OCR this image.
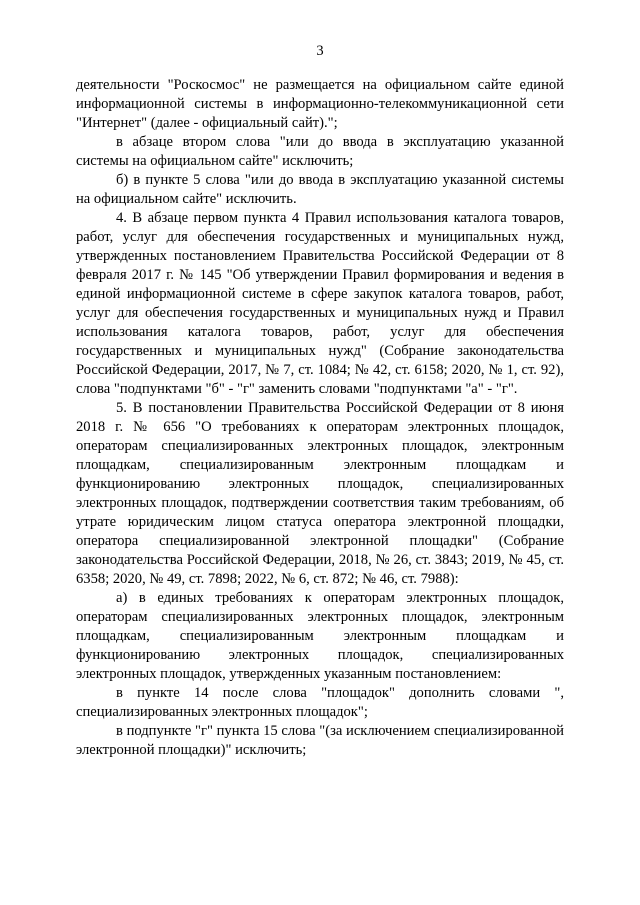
3

деятельности "Роскосмос" не размещается на официальном сайте единой информационной системы в информационно-телекоммуникационной сети "Интернет" (далее - официальный сайт).";

в абзаце втором слова "или до ввода в эксплуатацию указанной системы на официальном сайте" исключить;

б) в пункте 5 слова "или до ввода в эксплуатацию указанной системы на официальном сайте" исключить.

4. В абзаце первом пункта 4 Правил использования каталога товаров, работ, услуг для обеспечения государственных и муниципальных нужд, утвержденных постановлением Правительства Российской Федерации от 8 февраля 2017 г. № 145 "Об утверждении Правил формирования и ведения в единой информационной системе в сфере закупок каталога товаров, работ, услуг для обеспечения государственных и муниципальных нужд и Правил использования каталога товаров, работ, услуг для обеспечения государственных и муниципальных нужд" (Собрание законодательства Российской Федерации, 2017, № 7, ст. 1084; № 42, ст. 6158; 2020, № 1, ст. 92), слова "подпунктами "б" - "г" заменить словами "подпунктами "а" - "г".

5. В постановлении Правительства Российской Федерации от 8 июня 2018 г. № 656 "О требованиях к операторам электронных площадок, операторам специализированных электронных площадок, электронным площадкам, специализированным электронным площадкам и функционированию электронных площадок, специализированных электронных площадок, подтверждении соответствия таким требованиям, об утрате юридическим лицом статуса оператора электронной площадки, оператора специализированной электронной площадки" (Собрание законодательства Российской Федерации, 2018, № 26, ст. 3843; 2019, № 45, ст. 6358; 2020, № 49, ст. 7898; 2022, № 6, ст. 872; № 46, ст. 7988):

а) в единых требованиях к операторам электронных площадок, операторам специализированных электронных площадок, электронным площадкам, специализированным электронным площадкам и функционированию электронных площадок, специализированных электронных площадок, утвержденных указанным постановлением:

в пункте 14 после слова "площадок" дополнить словами ", специализированных электронных площадок";

в подпункте "г" пункта 15 слова "(за исключением специализированной электронной площадки)" исключить;
